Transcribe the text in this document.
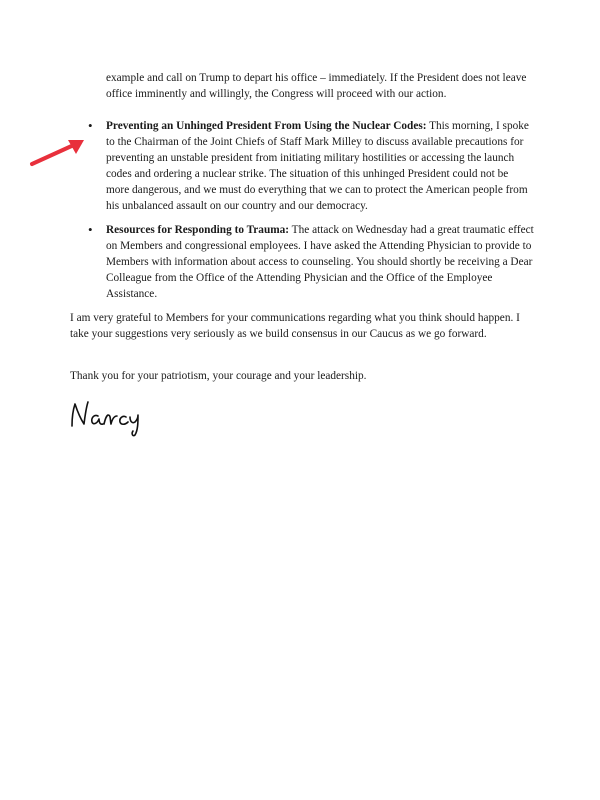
example and call on Trump to depart his office – immediately. If the President does not leave office imminently and willingly, the Congress will proceed with our action.
• Preventing an Unhinged President From Using the Nuclear Codes: This morning, I spoke to the Chairman of the Joint Chiefs of Staff Mark Milley to discuss available precautions for preventing an unstable president from initiating military hostilities or accessing the launch codes and ordering a nuclear strike. The situation of this unhinged President could not be more dangerous, and we must do everything that we can to protect the American people from his unbalanced assault on our country and our democracy.
• Resources for Responding to Trauma: The attack on Wednesday had a great traumatic effect on Members and congressional employees. I have asked the Attending Physician to provide to Members with information about access to counseling. You should shortly be receiving a Dear Colleague from the Office of the Attending Physician and the Office of the Employee Assistance.
I am very grateful to Members for your communications regarding what you think should happen. I take your suggestions very seriously as we build consensus in our Caucus as we go forward.
Thank you for your patriotism, your courage and your leadership.
